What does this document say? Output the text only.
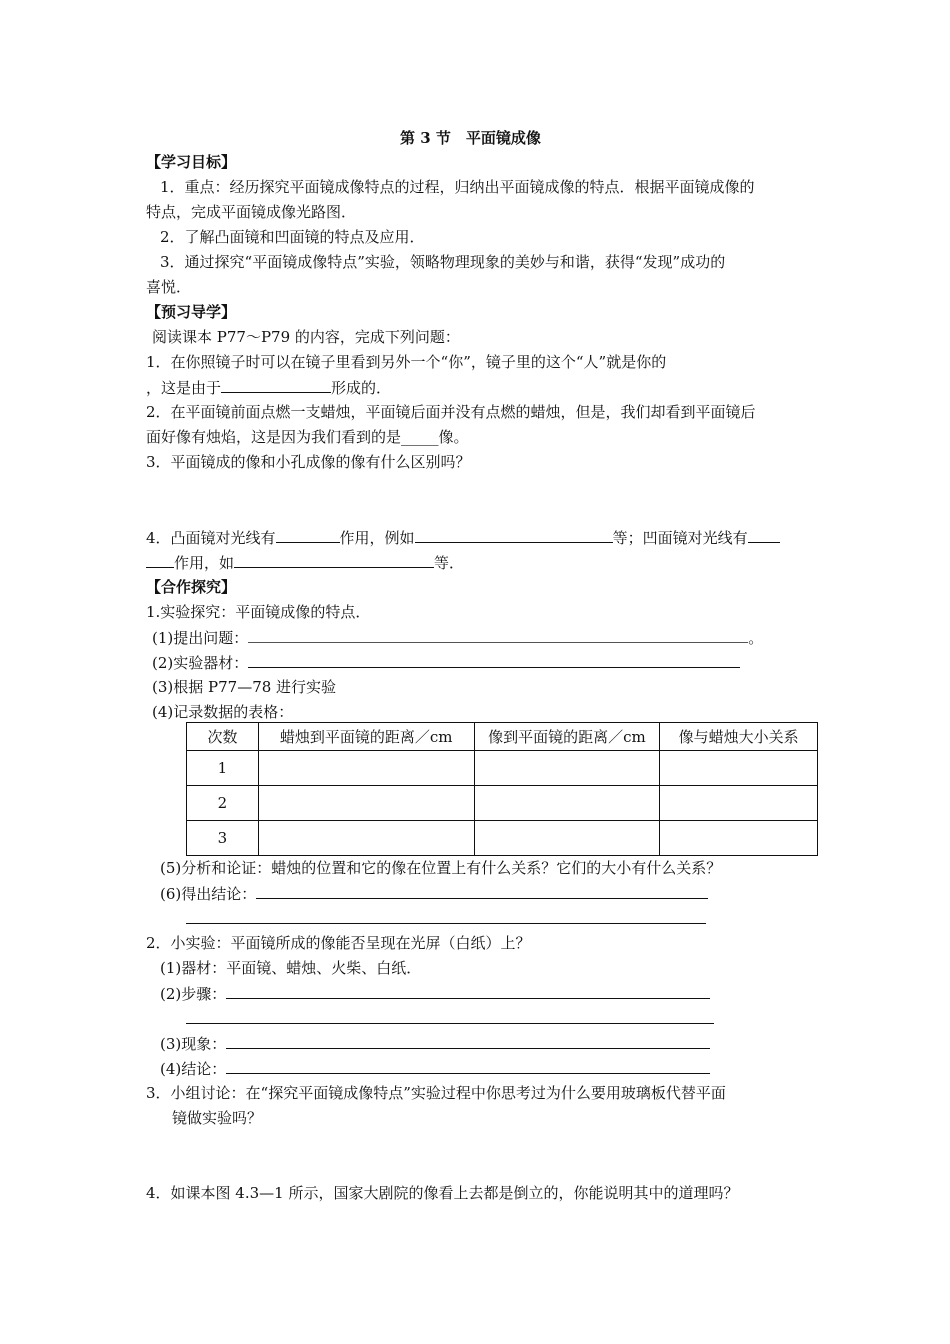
第 3 节　平面镜成像
【学习目标】
1．重点：经历探究平面镜成像特点的过程，归纳出平面镜成像的特点．根据平面镜成像的
特点，完成平面镜成像光路图．
2．了解凸面镜和凹面镜的特点及应用．
3．通过探究“平面镜成像特点”实验，领略物理现象的美妙与和谐，获得“发现”成功的
喜悦．
【预习导学】
阅读课本 P77～P79 的内容，完成下列问题：
1．在你照镜子时可以在镜子里看到另外一个“你”，镜子里的这个“人”就是你的
，这是由于	形成的．
2．在平面镜前面点燃一支蜡烛，平面镜后面并没有点燃的蜡烛，但是，我们却看到平面镜后
面好像有烛焰，这是因为我们看到的是_____像。
3．平面镜成的像和小孔成像的像有什么区别吗？
4．凸面镜对光线有	作用，例如	等；凹面镜对光线有
作用，如	等．
【合作探究】
1.实验探究：平面镜成像的特点．
(1)提出问题：	。
(2)实验器材：
(3)根据 P77—78 进行实验
(4)记录数据的表格：
次数	蜡烛到平面镜的距离／cm	像到平面镜的距离／cm	像与蜡烛大小关系
1			
2			
3			
(5)分析和论证：蜡烛的位置和它的像在位置上有什么关系？它们的大小有什么关系？
(6)得出结论：
2．小实验：平面镜所成的像能否呈现在光屏（白纸）上？
(1)器材：平面镜、蜡烛、火柴、白纸．
(2)步骤：
(3)现象：
(4)结论：
3．小组讨论：在“探究平面镜成像特点”实验过程中你思考过为什么要用玻璃板代替平面
镜做实验吗？
4．如课本图 4.3—1 所示，国家大剧院的像看上去都是倒立的，你能说明其中的道理吗？
